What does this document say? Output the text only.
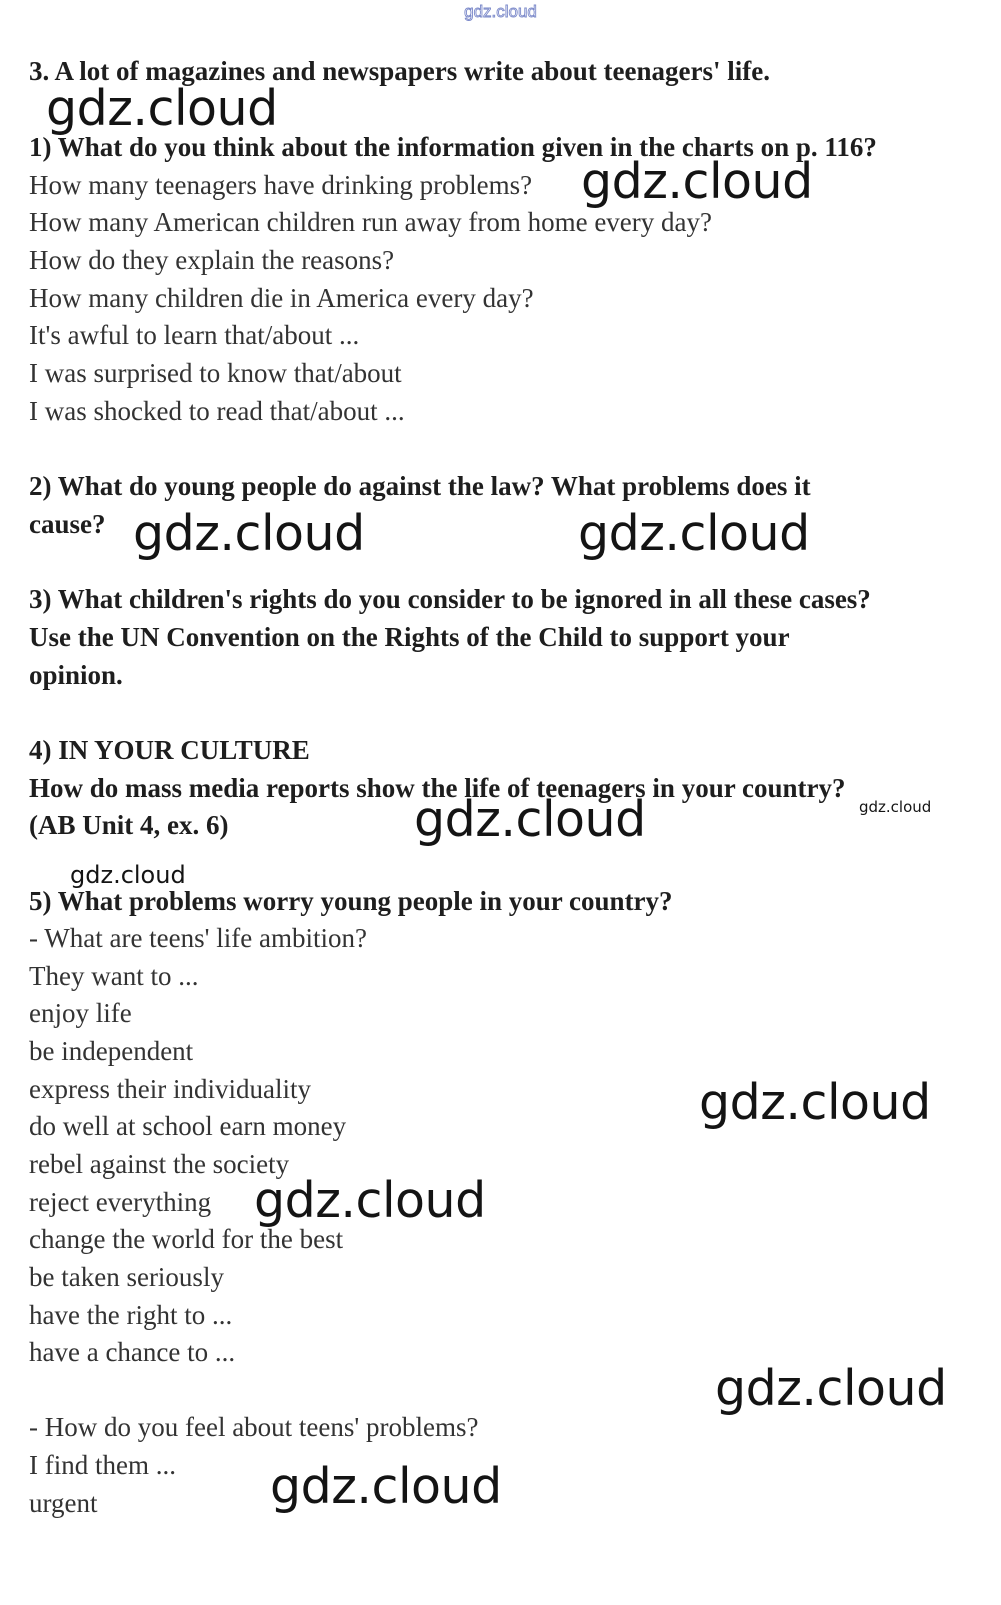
gdz.cloud
3. A lot of magazines and newspapers write about teenagers' life.
1) What do you think about the information given in the charts on p. 116?
How many teenagers have drinking problems?
How many American children run away from home every day?
How do they explain the reasons?
How many children die in America every day?
It's awful to learn that/about ...
I was surprised to know that/about
I was shocked to read that/about ...
2) What do young people do against the law? What problems does it
cause?
3) What children's rights do you consider to be ignored in all these cases?
Use the UN Convention on the Rights of the Child to support your
opinion.
4) IN YOUR CULTURE
How do mass media reports show the life of teenagers in your country?
(AB Unit 4, ex. 6)
5) What problems worry young people in your country?
- What are teens' life ambition?
They want to ...
enjoy life
be independent
express their individuality
do well at school earn money
rebel against the society
reject everything
change the world for the best
be taken seriously
have the right to ...
have a chance to ...
- How do you feel about teens' problems?
I find them ...
urgent
gdz.cloud
gdz.cloud
gdz.cloud	gdz.cloud
gdz.cloud	gdz.cloud
gdz.cloud
gdz.cloud
gdz.cloud
gdz.cloud
gdz.cloud
